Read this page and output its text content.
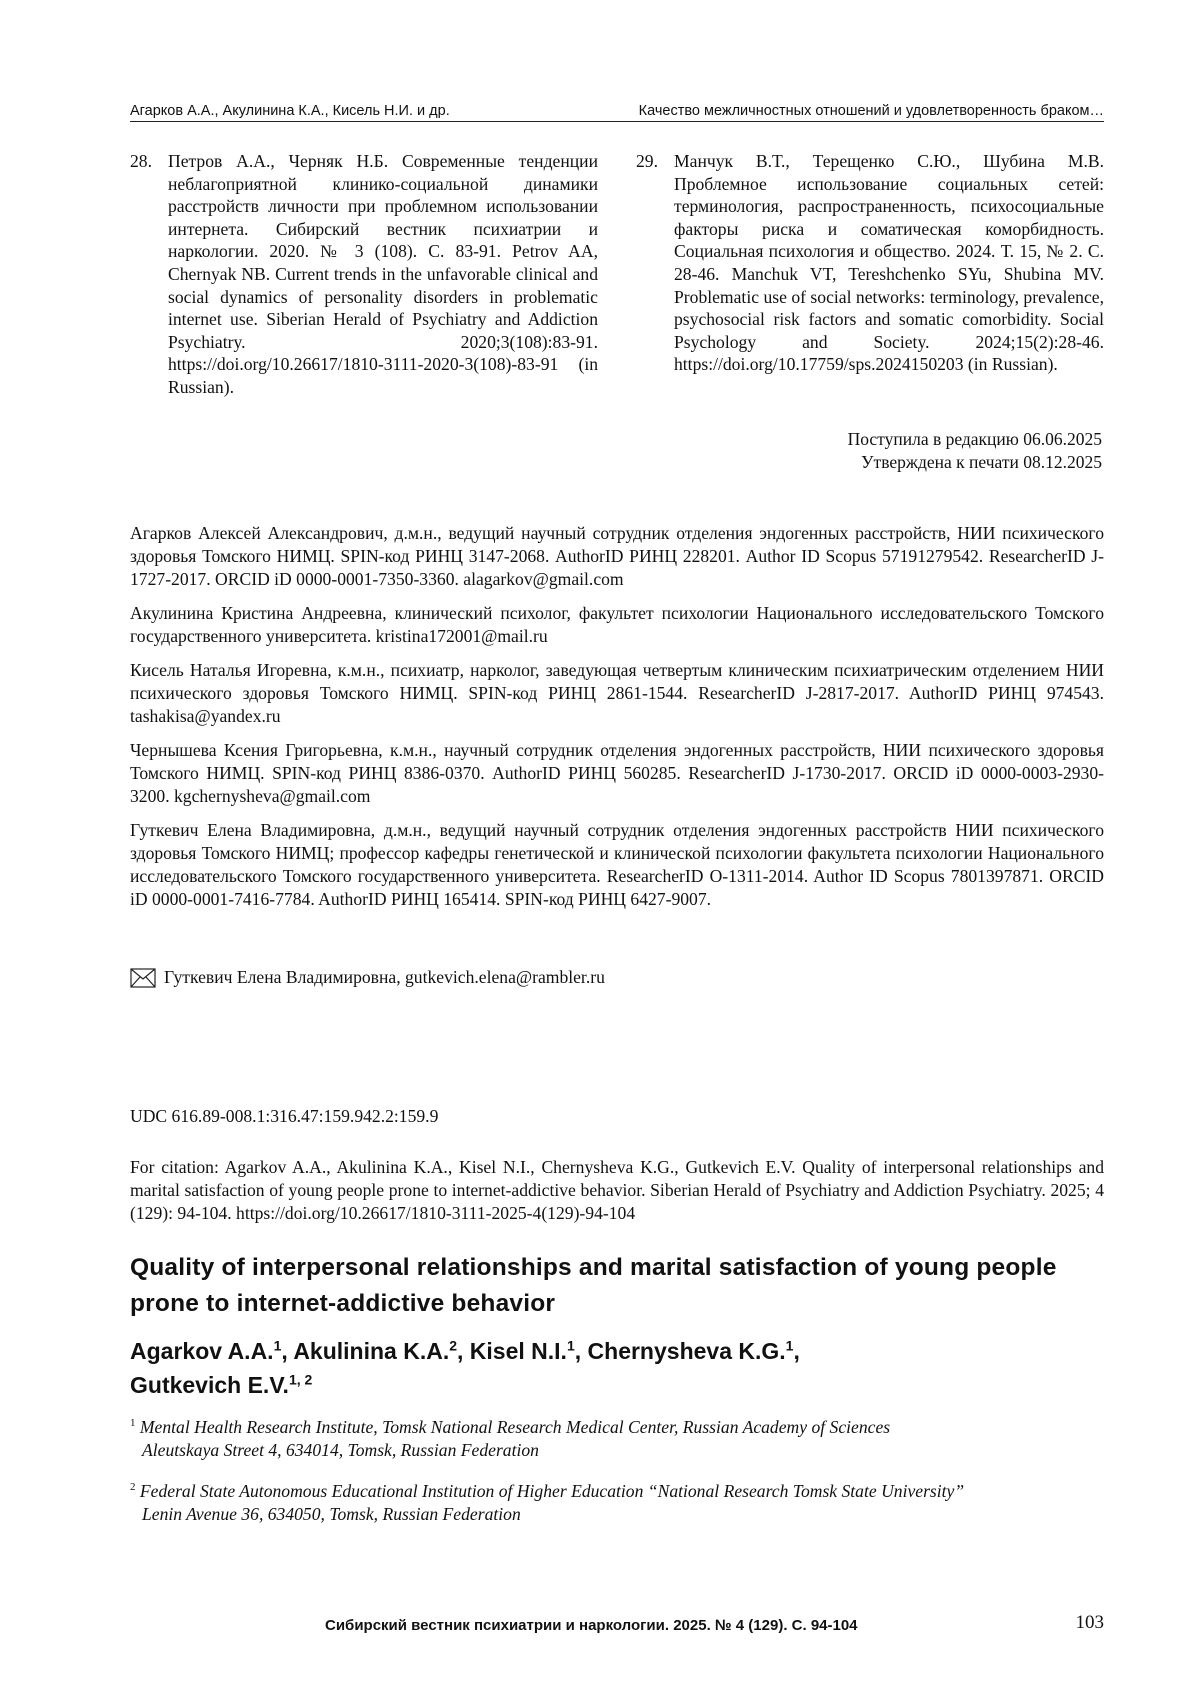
Агарков А.А., Акулинина К.А., Кисель Н.И. и др.	Качество межличностных отношений и удовлетворенность браком…
28. Петров А.А., Черняк Н.Б. Современные тенденции неблагоприятной клинико-социальной динамики расстройств личности при проблемном использовании интернета. Сибирский вестник психиатрии и наркологии. 2020. № 3 (108). С. 83-91. Petrov AA, Chernyak NB. Current trends in the unfavorable clinical and social dynamics of personality disorders in problematic internet use. Siberian Herald of Psychiatry and Addiction Psychiatry. 2020;3(108):83-91. https://doi.org/10.26617/1810-3111-2020-3(108)-83-91 (in Russian).
29. Манчук В.Т., Терещенко С.Ю., Шубина М.В. Проблемное использование социальных сетей: терминология, распространенность, психосоциальные факторы риска и соматическая коморбидность. Социальная психология и общество. 2024. Т. 15, № 2. С. 28-46. Manchuk VT, Tereshchenko SYu, Shubina MV. Problematic use of social networks: terminology, prevalence, psychosocial risk factors and somatic comorbidity. Social Psychology and Society. 2024;15(2):28-46. https://doi.org/10.17759/sps.2024150203 (in Russian).
Поступила в редакцию 06.06.2025
Утверждена к печати 08.12.2025

Агарков Алексей Александрович, д.м.н., ведущий научный сотрудник отделения эндогенных расстройств, НИИ психического здоровья Томского НИМЦ. SPIN-код РИНЦ 3147-2068. AuthorID РИНЦ 228201. Author ID Scopus 57191279542. ResearcherID J-1727-2017. ORCID iD 0000-0001-7350-3360. alagarkov@gmail.com

Акулинина Кристина Андреевна, клинический психолог, факультет психологии Национального исследовательского Томского государственного университета. kristina172001@mail.ru

Кисель Наталья Игоревна, к.м.н., психиатр, нарколог, заведующая четвертым клиническим психиатрическим отделением НИИ психического здоровья Томского НИМЦ. SPIN-код РИНЦ 2861-1544. ResearcherID J-2817-2017. AuthorID РИНЦ 974543. tashakisa@yandex.ru

Чернышева Ксения Григорьевна, к.м.н., научный сотрудник отделения эндогенных расстройств, НИИ психического здоровья Томского НИМЦ. SPIN-код РИНЦ 8386-0370. AuthorID РИНЦ 560285. ResearcherID J-1730-2017. ORCID iD 0000-0003-2930-3200. kgchernysheva@gmail.com

Гуткевич Елена Владимировна, д.м.н., ведущий научный сотрудник отделения эндогенных расстройств НИИ психического здоровья Томского НИМЦ; профессор кафедры генетической и клинической психологии факультета психологии Национального исследовательского Томского государственного университета. ResearcherID O-1311-2014. Author ID Scopus 7801397871. ORCID iD 0000-0001-7416-7784. AuthorID РИНЦ 165414. SPIN-код РИНЦ 6427-9007.

Гуткевич Елена Владимировна, gutkevich.elena@rambler.ru
UDC 616.89-008.1:316.47:159.942.2:159.9
For citation: Agarkov A.A., Akulinina K.A., Kisel N.I., Chernysheva K.G., Gutkevich E.V. Quality of interpersonal relationships and marital satisfaction of young people prone to internet-addictive behavior. Siberian Herald of Psychiatry and Addiction Psychiatry. 2025; 4 (129): 94-104. https://doi.org/10.26617/1810-3111-2025-4(129)-94-104
Quality of interpersonal relationships and marital satisfaction of young people prone to internet-addictive behavior
Agarkov A.A.$^1$, Akulinina K.A.$^2$, Kisel N.I.$^1$, Chernysheva K.G.$^1$,
Gutkevich E.V.$^{1, 2}$

$^1$ Mental Health Research Institute, Tomsk National Research Medical Center, Russian Academy of Sciences
Aleutskaya Street 4, 634014, Tomsk, Russian Federation

$^2$ Federal State Autonomous Educational Institution of Higher Education “National Research Tomsk State University”
Lenin Avenue 36, 634050, Tomsk, Russian Federation

Сибирский вестник психиатрии и наркологии. 2025. № 4 (129). С. 94-104	103
